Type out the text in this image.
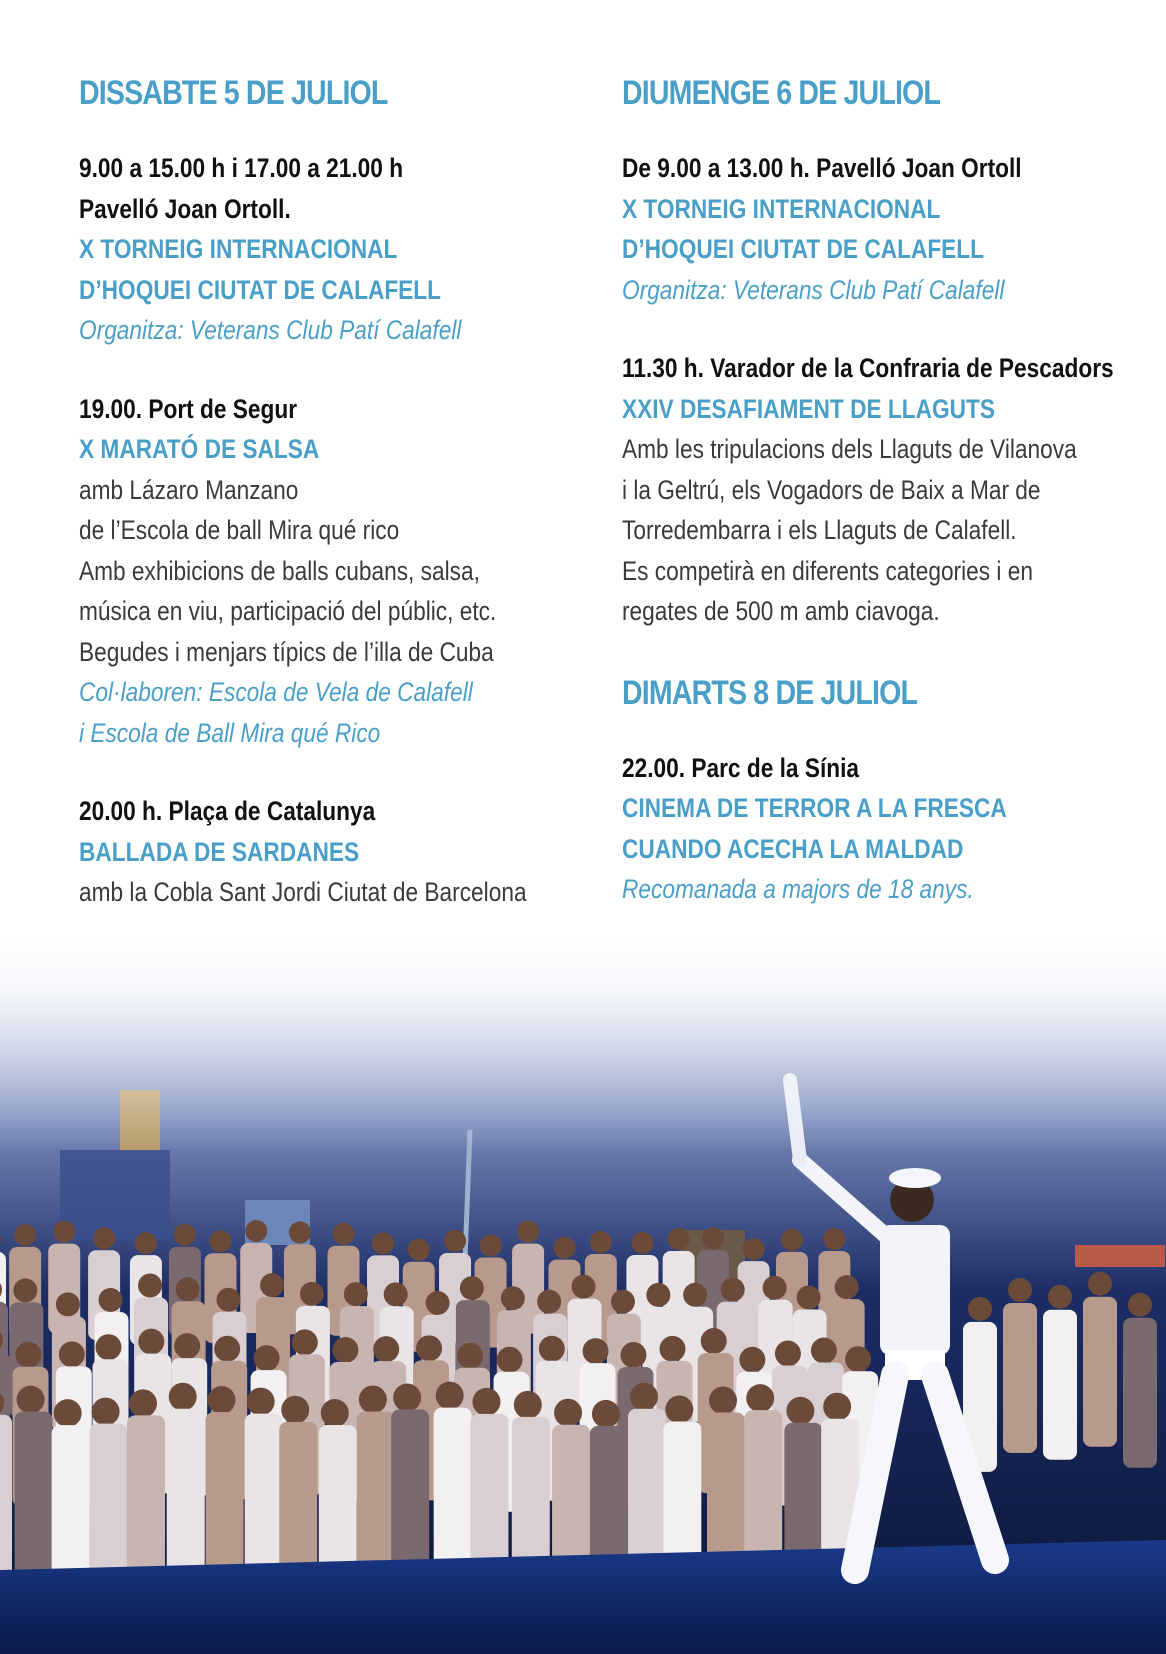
DISSABTE 5 DE JULIOL
9.00 a 15.00 h i 17.00 a 21.00 h
Pavelló Joan Ortoll.
X TORNEIG INTERNACIONAL
D’HOQUEI CIUTAT DE CALAFELL
Organitza: Veterans Club Patí Calafell
19.00. Port de Segur
X MARATÓ DE SALSA
amb Lázaro Manzano
de l’Escola de ball Mira qué rico
Amb exhibicions de balls cubans, salsa,
música en viu, participació del públic, etc.
Begudes i menjars típics de l’illa de Cuba
Col·laboren: Escola de Vela de Calafell
i Escola de Ball Mira qué Rico
20.00 h. Plaça de Catalunya
BALLADA DE SARDANES
amb la Cobla Sant Jordi Ciutat de Barcelona
DIUMENGE 6 DE JULIOL
De 9.00 a 13.00 h. Pavelló Joan Ortoll
X TORNEIG INTERNACIONAL
D’HOQUEI CIUTAT DE CALAFELL
Organitza: Veterans Club Patí Calafell
11.30 h. Varador de la Confraria de Pescadors
XXIV DESAFIAMENT DE LLAGUTS
Amb les tripulacions dels Llaguts de Vilanova
i la Geltrú, els Vogadors de Baix a Mar de
Torredembarra i els Llaguts de Calafell.
Es competirà en diferents categories i en
regates de 500 m amb ciavoga.
DIMARTS 8 DE JULIOL
22.00. Parc de la Sínia
CINEMA DE TERROR A LA FRESCA
CUANDO ACECHA LA MALDAD
Recomanada a majors de 18 anys.
